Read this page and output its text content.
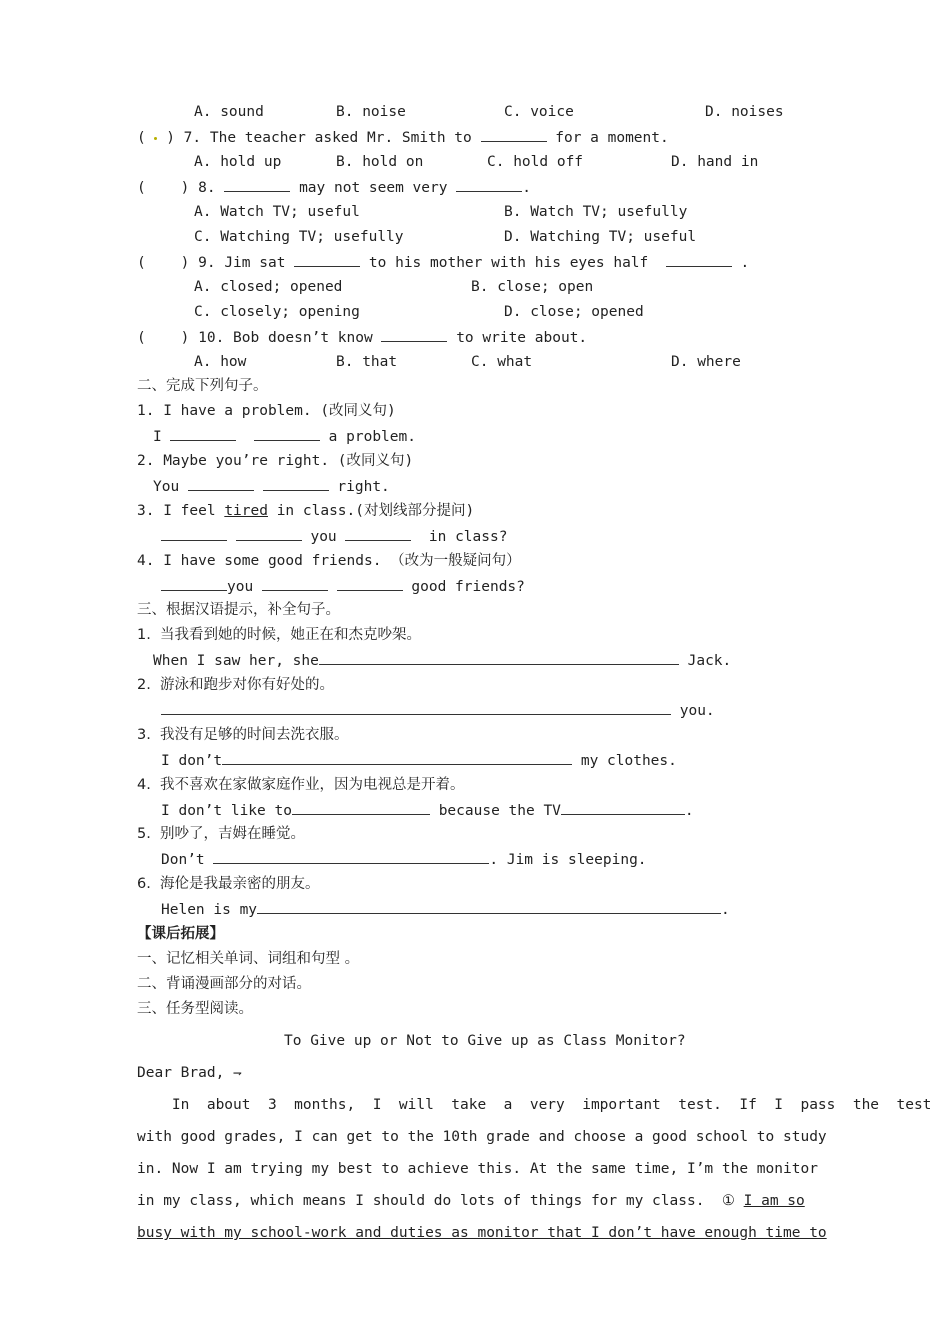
A. sound	B. noise	C. voice	D. noises
(  ) 7. The teacher asked Mr. Smith to	for a moment.
A. hold up	B. hold on	C. hold off	D. hand in
(    ) 8.	may not seem very	.
A. Watch TV; useful	B. Watch TV; usefully
C. Watching TV; usefully	D. Watching TV; useful
(    ) 9. Jim sat	to his mother with his eyes half	.
A. closed; opened	B. close; open
C. closely; opening	D. close; opened
(    ) 10. Bob doesn’t know	to write about.
A. how	B. that	C. what	D. where
二、完成下列句子。
1. I have a problem. (改同义句)
I	a problem.
2. Maybe you’re right. (改同义句)
You	right.
3. I feel tired in class.(对划线部分提问)
you	in class?
4. I have some good friends. （改为一般疑问句）
you	good friends?
三、根据汉语提示，补全句子。
1.  当我看到她的时候，她正在和杰克吵架。
When I saw her, she	Jack.
2.  游泳和跑步对你有好处的。
you.
3.  我没有足够的时间去洗衣服。
I don’t	my clothes.
4.  我不喜欢在家做家庭作业，因为电视总是开着。
I don’t like to	because the TV	.
5.  别吵了，吉姆在睡觉。
Don’t	. Jim is sleeping.
6.  海伦是我最亲密的朋友。
Helen is my	.
【课后拓展】
一、记忆相关单词、词组和句型 。
二、背诵漫画部分的对话。
三、任务型阅读。
To Give up or Not to Give up as Class Monitor?
Dear Brad, ⇁
In  about  3  months,  I  will  take  a  very  important  test.  If  I  pass  the  test
with good grades, I can get to the 10th grade and choose a good school to study
in. Now I am trying my best to achieve this. At the same time, I’m the monitor
in my class, which means I should do lots of things for my class.  ① I am so
busy with my school-work and duties as monitor that I don’t have enough time to
